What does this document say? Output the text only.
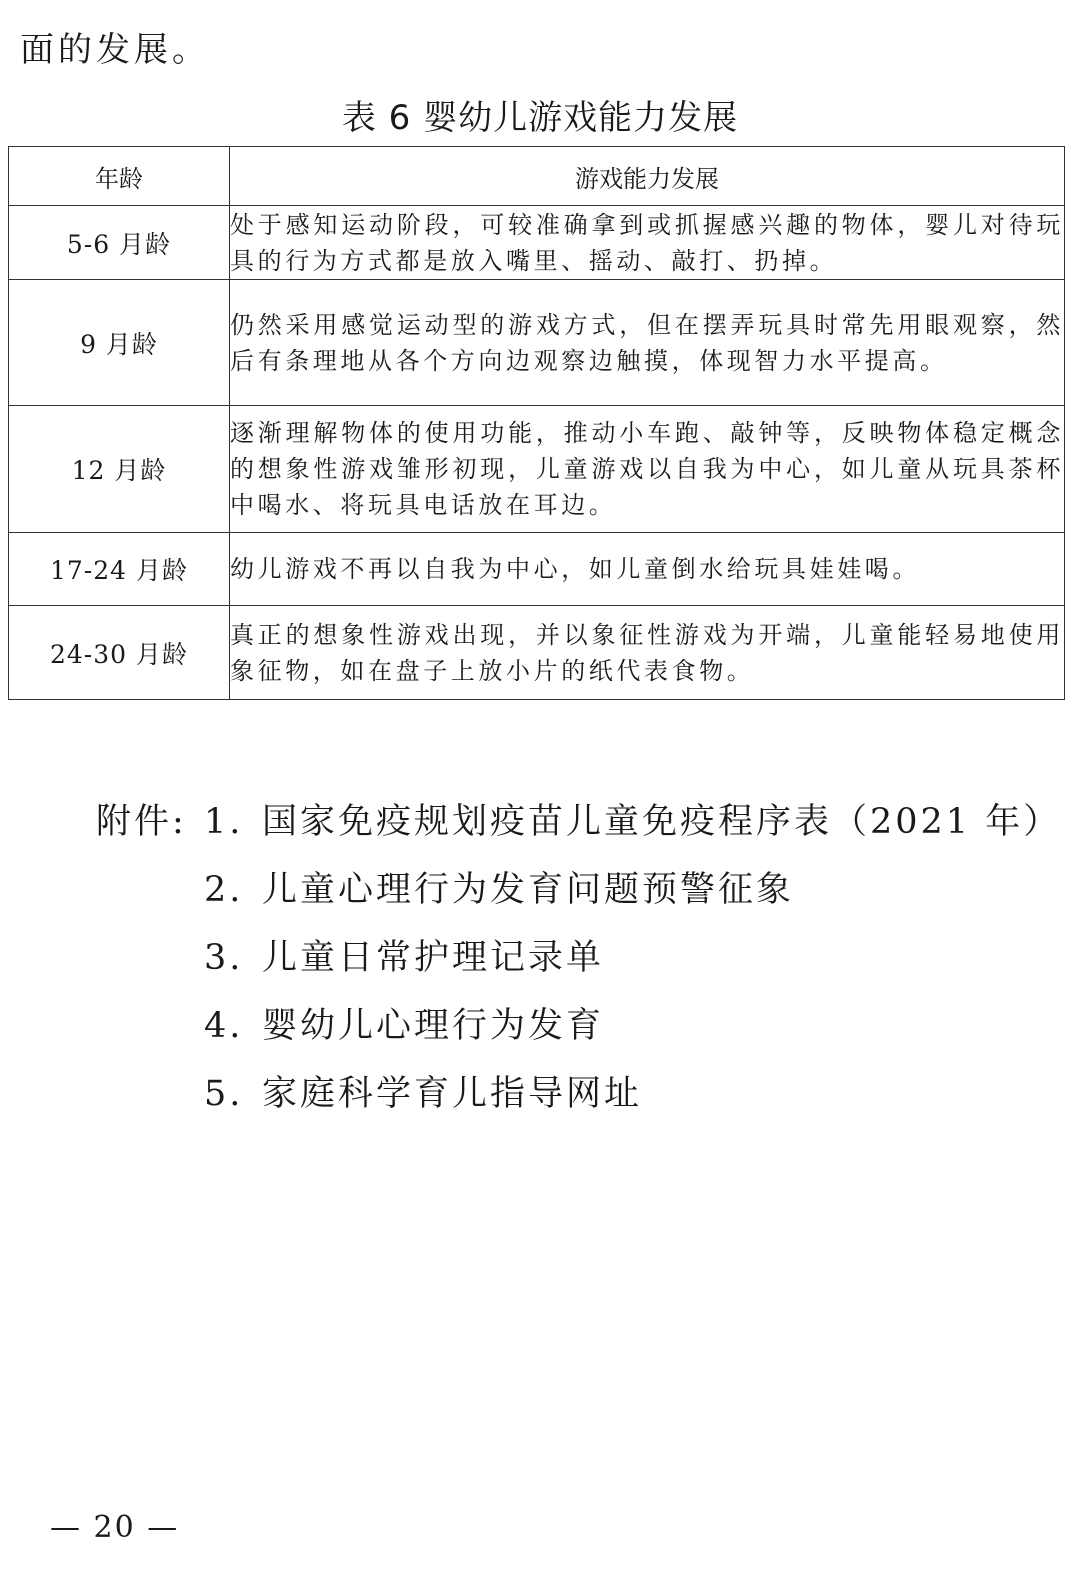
面的发展。
表 6 婴幼儿游戏能力发展
年龄	游戏能力发展
5-6 月龄	处于感知运动阶段，可较准确拿到或抓握感兴趣的物体，婴儿对待玩具的行为方式都是放入嘴里、摇动、敲打、扔掉。
9 月龄	仍然采用感觉运动型的游戏方式，但在摆弄玩具时常先用眼观察，然后有条理地从各个方向边观察边触摸，体现智力水平提高。
12 月龄	逐渐理解物体的使用功能，推动小车跑、敲钟等，反映物体稳定概念的想象性游戏雏形初现，儿童游戏以自我为中心，如儿童从玩具茶杯中喝水、将玩具电话放在耳边。
17-24 月龄	幼儿游戏不再以自我为中心，如儿童倒水给玩具娃娃喝。
24-30 月龄	真正的想象性游戏出现，并以象征性游戏为开端，儿童能轻易地使用象征物，如在盘子上放小片的纸代表食物。
附件: 1. 国家免疫规划疫苗儿童免疫程序表（2021 年）
2. 儿童心理行为发育问题预警征象
3. 儿童日常护理记录单
4. 婴幼儿心理行为发育
5. 家庭科学育儿指导网址
— 20 —
